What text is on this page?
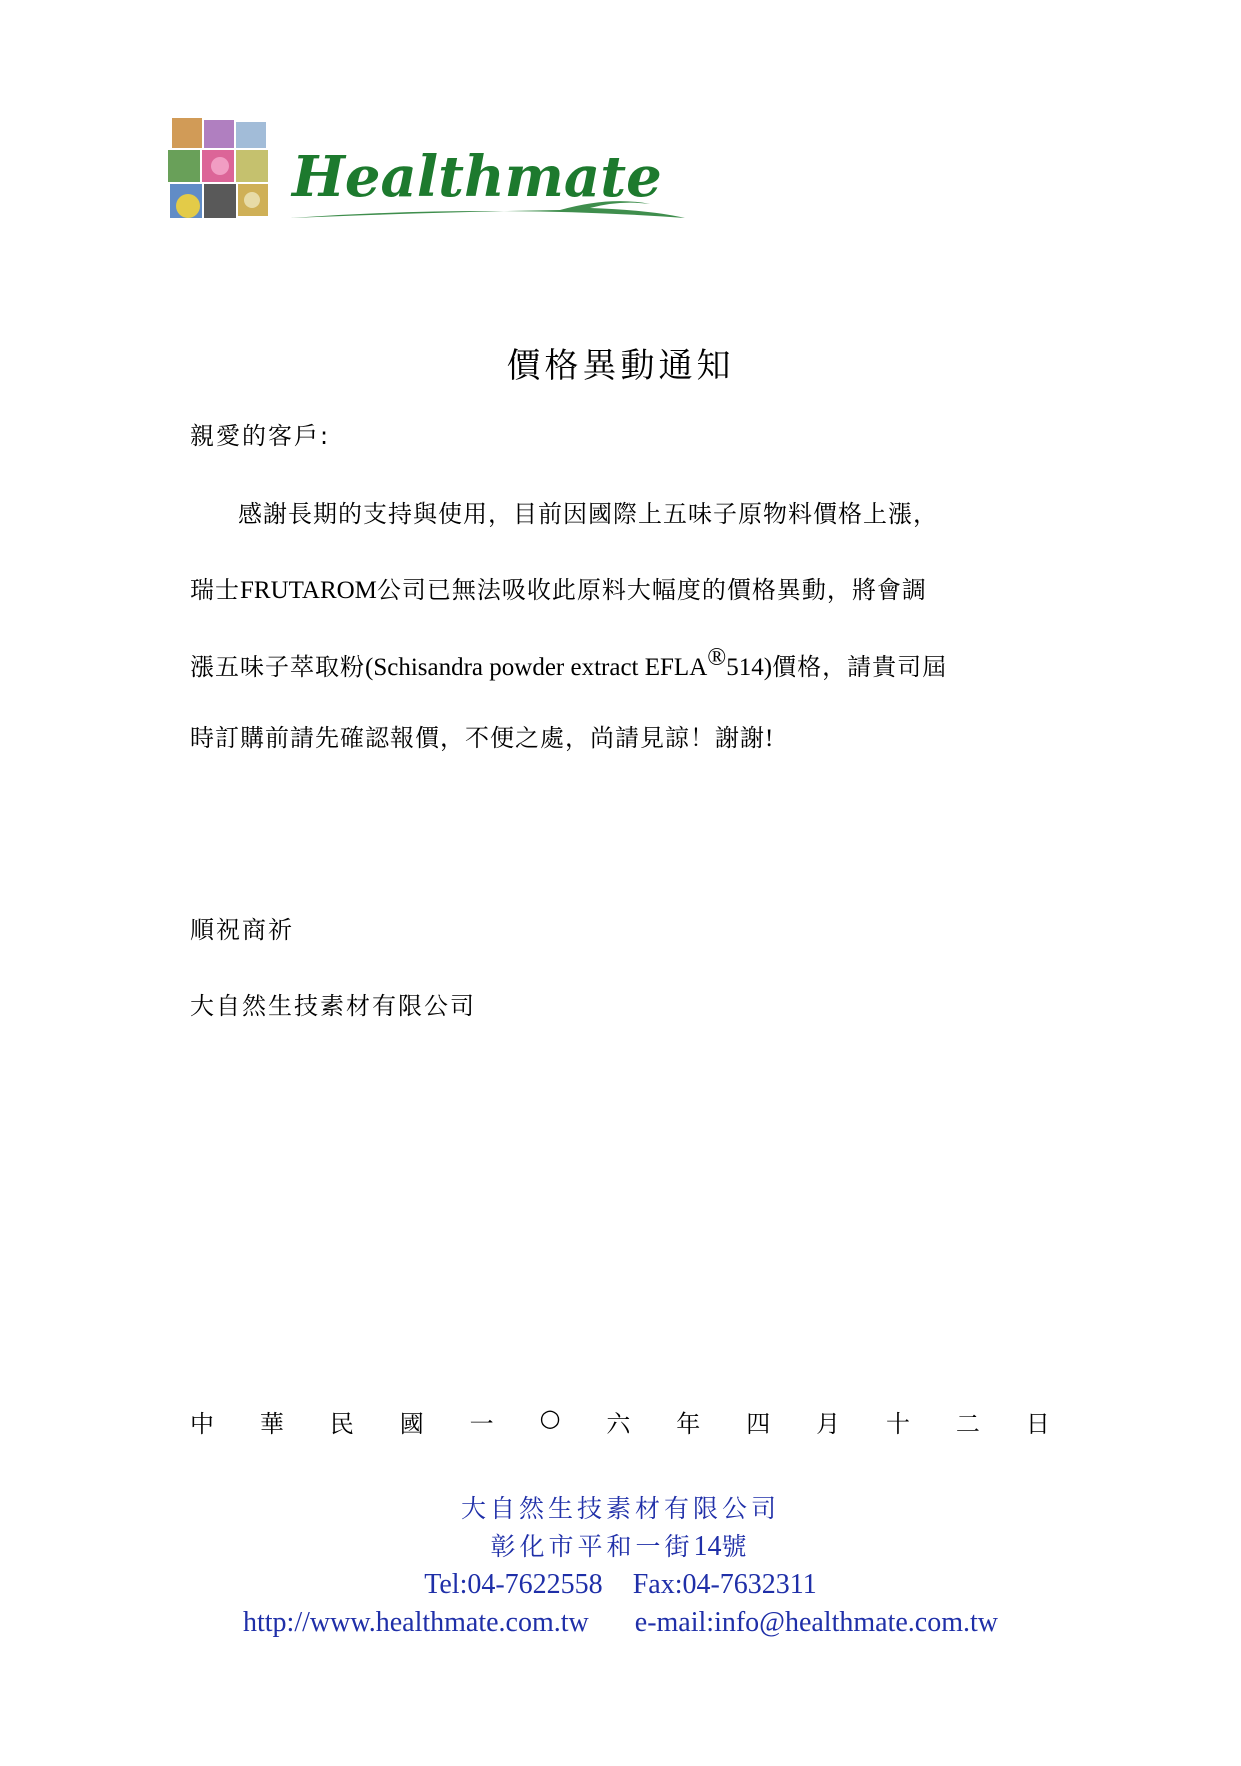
Healthmate
價格異動通知
親愛的客戶:
感謝長期的支持與使用，目前因國際上五味子原物料價格上漲，
瑞士FRUTAROM公司已無法吸收此原料大幅度的價格異動，將會調
漲五味子萃取粉(Schisandra powder extract EFLA®514)價格，請貴司屆
時訂購前請先確認報價，不便之處，尚請見諒！謝謝!
順祝商祈
大自然生技素材有限公司
中 華 民 國 一 ○ 六 年 四 月 十 二 日
大自然生技素材有限公司
彰化市平和一街14號
Tel:04-7622558 Fax:04-7632311
http://www.healthmate.com.tw e-mail:info@healthmate.com.tw
